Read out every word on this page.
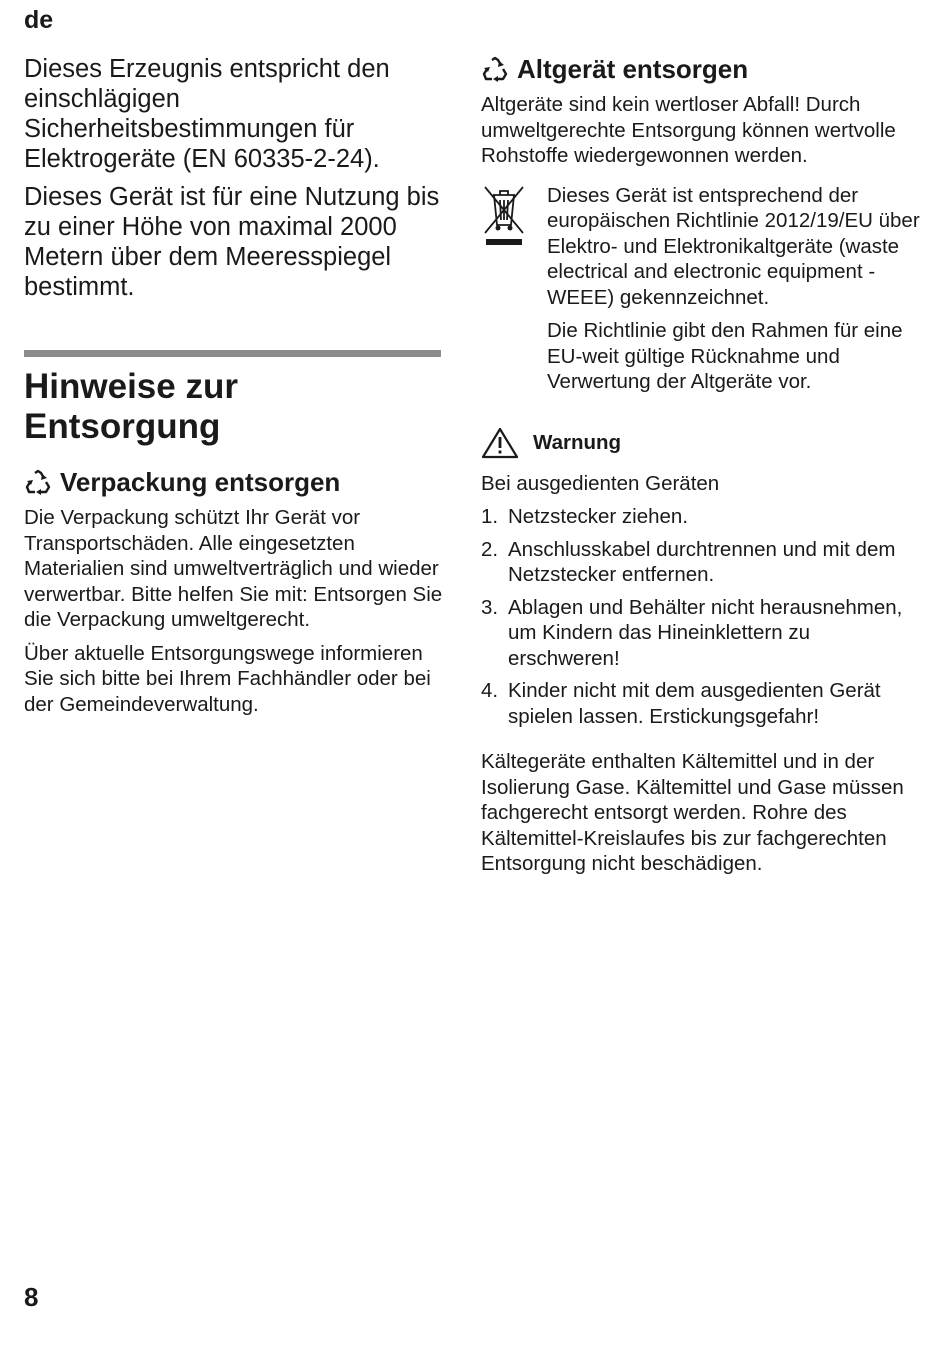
de

Dieses Erzeugnis entspricht den einschlägigen Sicherheitsbestimmungen für Elektrogeräte (EN 60335-2-24).

Dieses Gerät ist für eine Nutzung bis zu einer Höhe von maximal 2000 Metern über dem Meeresspiegel bestimmt.

Hinweise zur Entsorgung
Verpackung entsorgen

Die Verpackung schützt Ihr Gerät vor Transportschäden. Alle eingesetzten Materialien sind umweltverträglich und wieder verwertbar. Bitte helfen Sie mit: Entsorgen Sie die Verpackung umweltgerecht.

Über aktuelle Entsorgungswege informieren Sie sich bitte bei Ihrem Fachhändler oder bei der Gemeindeverwaltung.

Altgerät entsorgen

Altgeräte sind kein wertloser Abfall! Durch umweltgerechte Entsorgung können wertvolle Rohstoffe wiedergewonnen werden.

Dieses Gerät ist entsprechend der europäischen Richtlinie 2012/19/EU über Elektro- und Elektronikaltgeräte (waste electrical and electronic equipment - WEEE) gekennzeichnet.

Die Richtlinie gibt den Rahmen für eine EU-weit gültige Rücknahme und Verwertung der Altgeräte vor.

Warnung

Bei ausgedienten Geräten

1. Netzstecker ziehen.
2. Anschlusskabel durchtrennen und mit dem Netzstecker entfernen.
3. Ablagen und Behälter nicht herausnehmen, um Kindern das Hineinklettern zu erschweren!
4. Kinder nicht mit dem ausgedienten Gerät spielen lassen. Erstickungsgefahr!

Kältegeräte enthalten Kältemittel und in der Isolierung Gase. Kältemittel und Gase müssen fachgerecht entsorgt werden. Rohre des Kältemittel-Kreislaufes bis zur fachgerechten Entsorgung nicht beschädigen.

8
